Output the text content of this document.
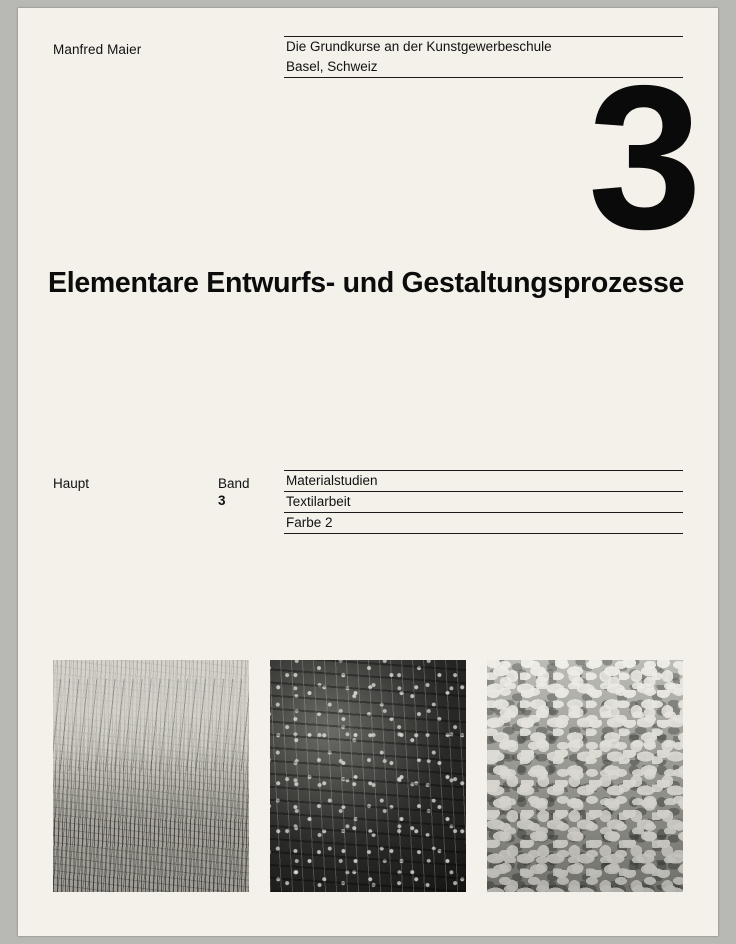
Manfred Maier	Die Grundkurse an der Kunstgewerbeschule
Basel, Schweiz	3
Elementare Entwurfs- und Gestaltungsprozesse
Haupt	Band
3
Materialstudien
Textilarbeit
Farbe 2
